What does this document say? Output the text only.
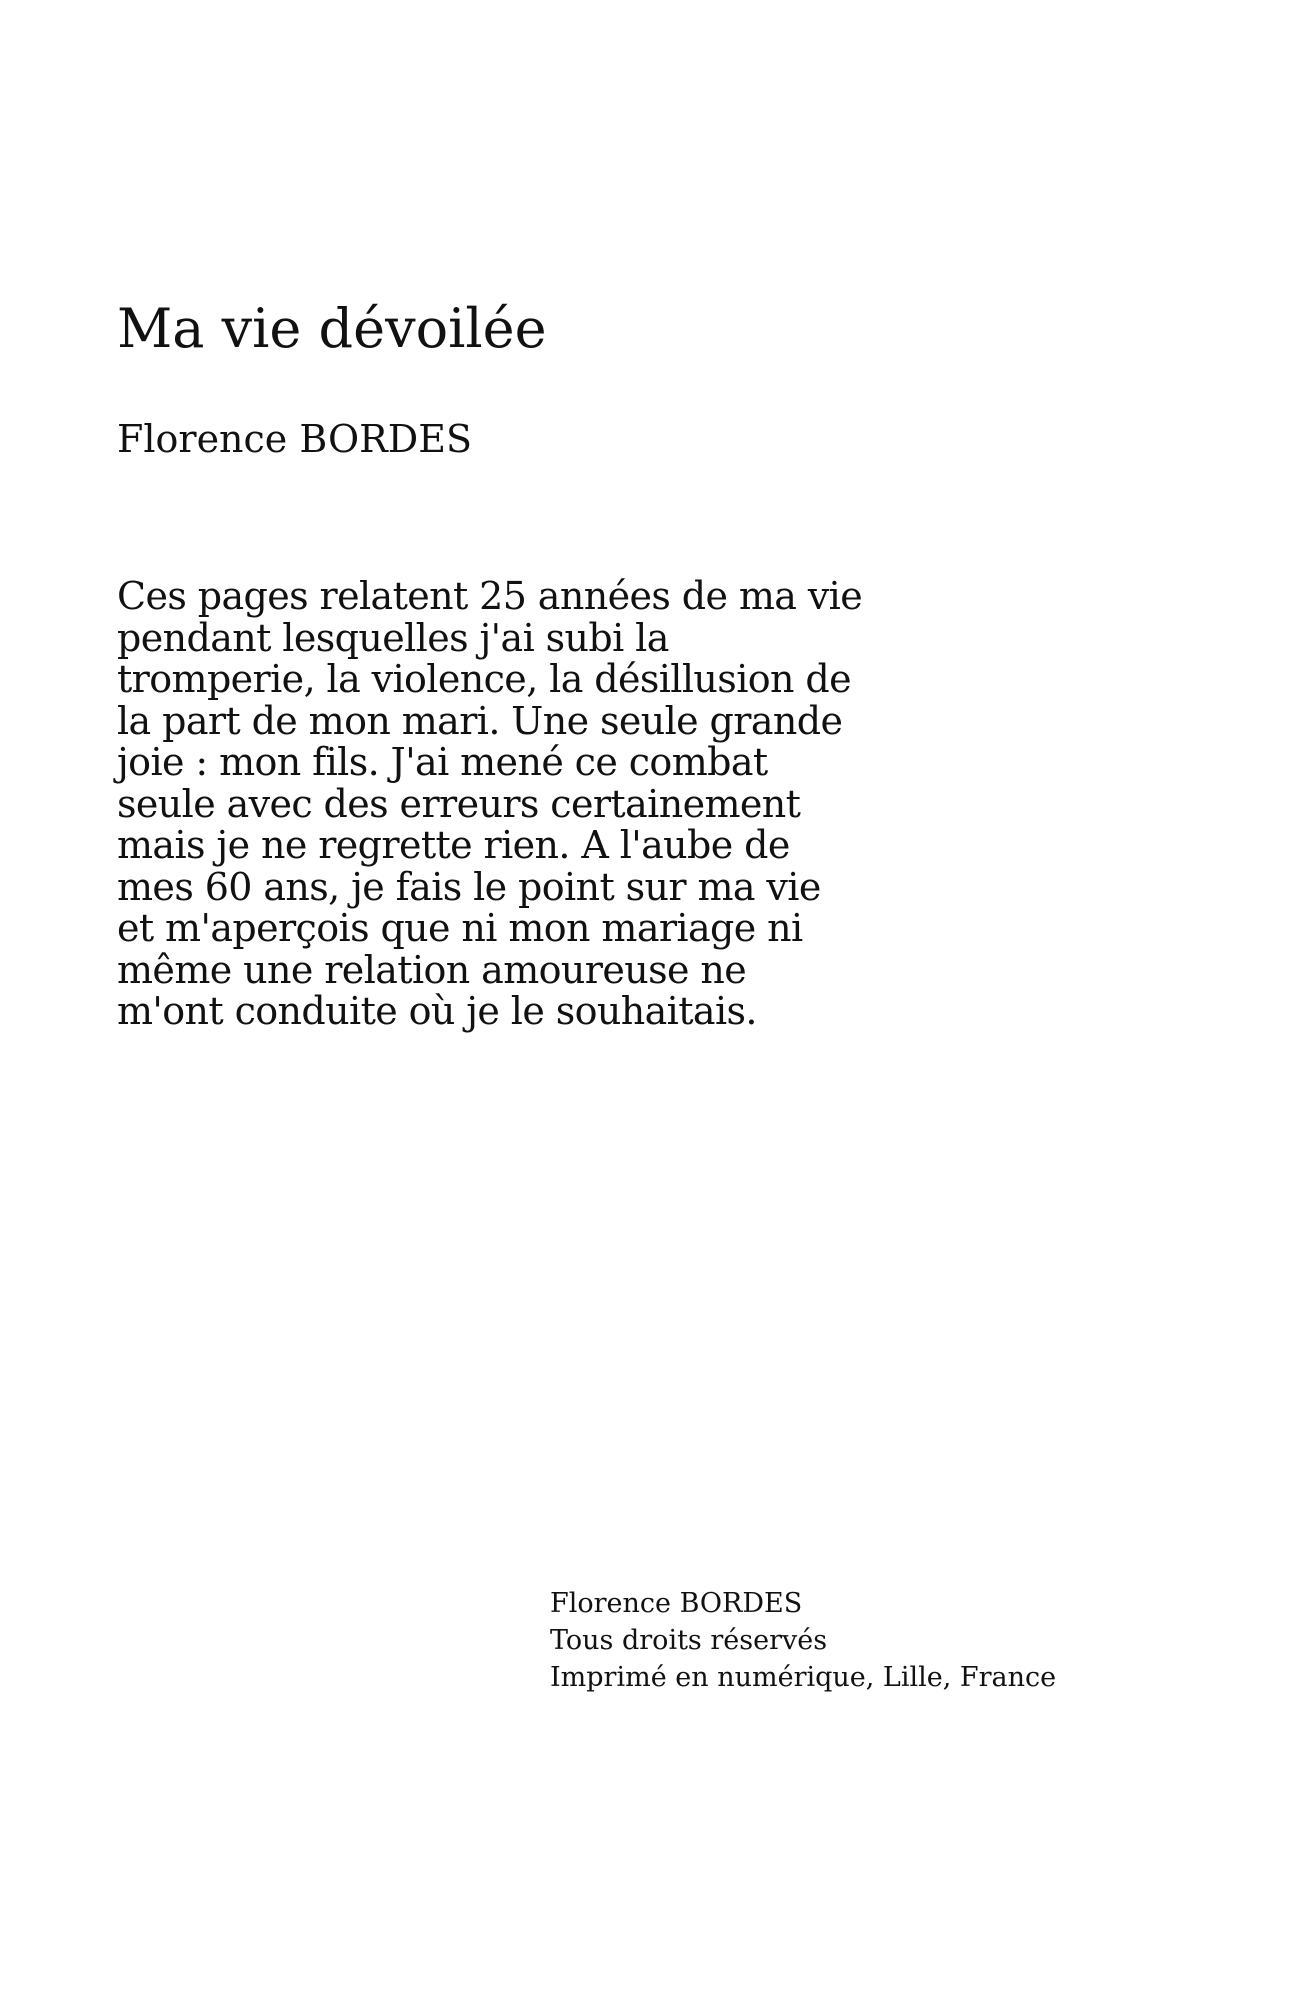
Ma vie dévoilée
Florence BORDES

Ces pages relatent 25 années de ma vie
pendant lesquelles j'ai subi la
tromperie, la violence, la désillusion de
la part de mon mari. Une seule grande
joie : mon fils. J'ai mené ce combat
seule avec des erreurs certainement
mais je ne regrette rien. A l'aube de
mes 60 ans, je fais le point sur ma vie
et m'aperçois que ni mon mariage ni
même une relation amoureuse ne
m'ont conduite où je le souhaitais.

Florence BORDES
Tous droits réservés
Imprimé en numérique, Lille, France
